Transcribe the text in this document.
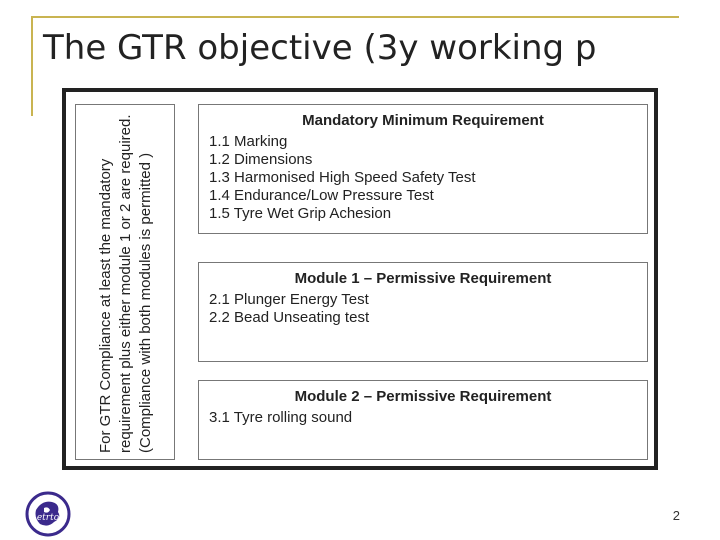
The GTR objective (3y working p
For GTR Compliance at least the mandatory requirement plus either module 1 or 2 are required. (Compliance with both modules is permitted )
Mandatory Minimum Requirement
1.1 Marking
1.2 Dimensions
1.3 Harmonised High Speed Safety Test
1.4 Endurance/Low Pressure Test
1.5 Tyre Wet Grip Achesion
Module 1 – Permissive Requirement
2.1 Plunger Energy Test
2.2 Bead Unseating test
Module 2 – Permissive Requirement
3.1 Tyre rolling sound
etrto	2
